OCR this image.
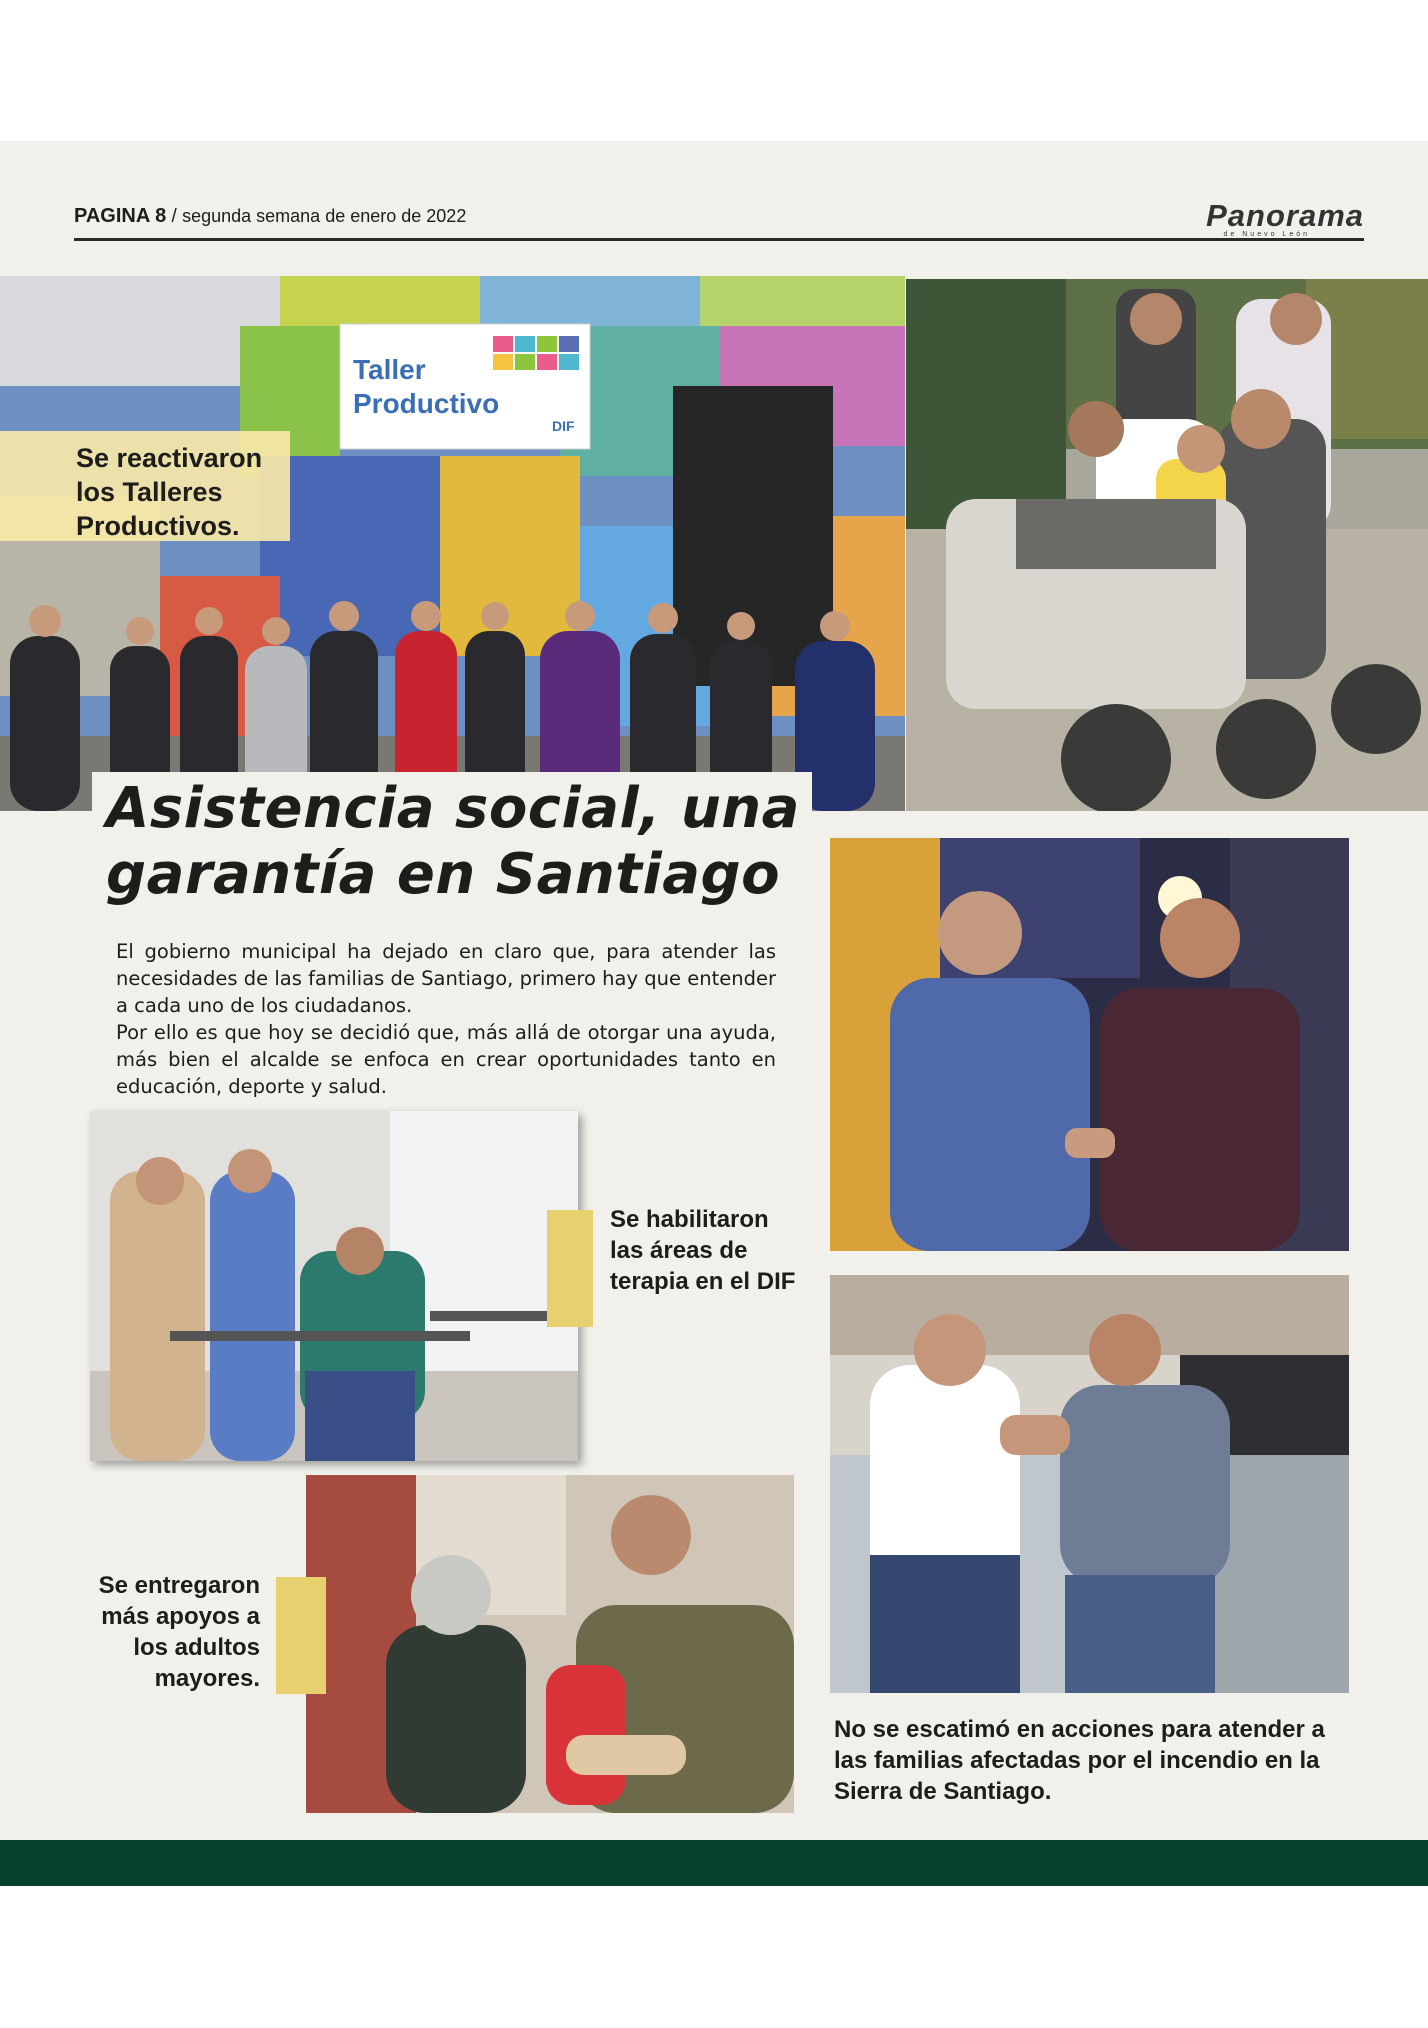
PAGINA 8 / segunda semana de enero de 2022	Panorama
de Nuevo León
Taller
Productivo
DIF
Se reactivaron los Talleres Productivos.
Asistencia social, una
garantía en Santiago

El gobierno municipal ha dejado en claro que, para atender las necesidades de las familias de Santiago, primero hay que entender a cada uno de los ciudadanos.

Por ello es que hoy se decidió que, más allá de otorgar una ayuda, más bien el alcalde se enfoca en crear oportunidades tanto en educación, deporte y salud.

Se habilitaron las áreas de terapia en el DIF
Se entregaron más apoyos a los adultos mayores.
No se escatimó en acciones para atender a las familias afectadas por el incendio en la Sierra de Santiago.
